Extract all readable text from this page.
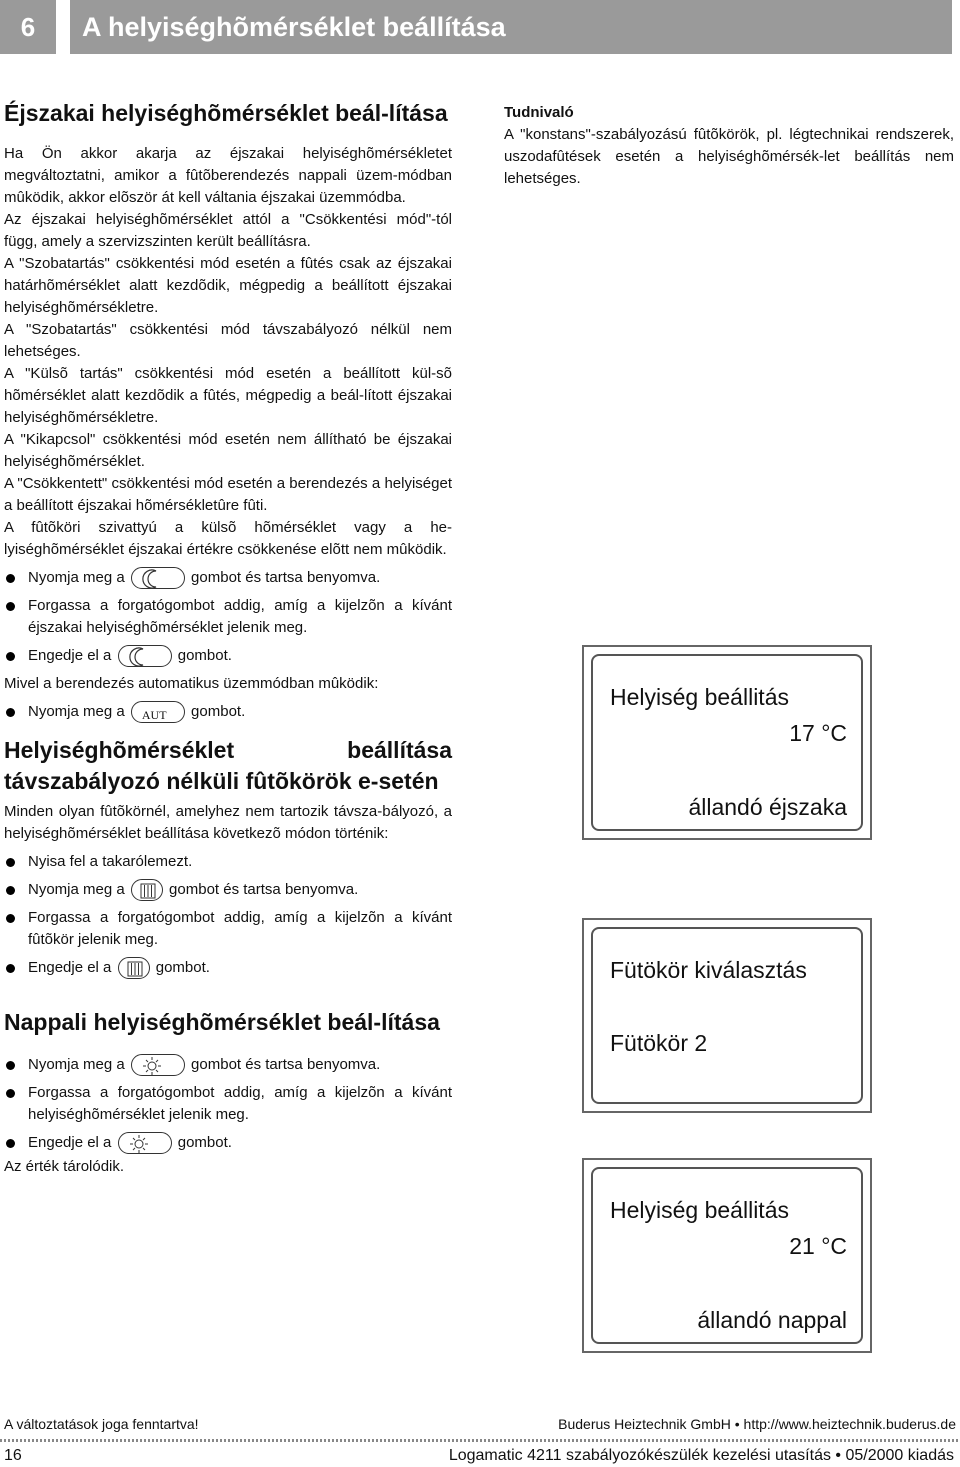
6	A helyiséghõmérséklet beállítása
Éjszakai helyiséghõmérséklet beál-lítása

Ha Ön akkor akarja az éjszakai helyiséghõmérsékletet megváltoztatni, amikor a fûtõberendezés nappali üzem-módban mûködik, akkor elõször át kell váltania éjszakai üzemmódba.

Az éjszakai helyiséghõmérséklet attól a "Csökkentési mód"-tól függ, amely a szervizszinten került beállításra.

A "Szobatartás" csökkentési mód esetén a fûtés csak az éjszakai határhõmérséklet alatt kezdõdik, mégpedig a beállított éjszakai helyiséghõmérsékletre.

A "Szobatartás" csökkentési mód távszabályozó nélkül nem lehetséges.

A "Külsõ tartás" csökkentési mód esetén a beállított kül-sõ hõmérséklet alatt kezdõdik a fûtés, mégpedig a beál-lított éjszakai helyiséghõmérsékletre.

A "Kikapcsol" csökkentési mód esetén nem állítható be éjszakai helyiséghõmérséklet.

A "Csökkentett" csökkentési mód esetén a berendezés a helyiséget a beállított éjszakai hõmérsékletûre fûti.

A fûtõköri szivattyú a külsõ hõmérséklet vagy a he-lyiséghõmérséklet éjszakai értékre csökkenése elõtt nem mûködik.

Nyomja meg a	gombot és tartsa benyomva.
Forgassa a forgatógombot addig, amíg a kijelzõn a kívánt éjszakai helyiséghõmérséklet jelenik meg.
Engedje el a	gombot.

Mivel a berendezés automatikus üzemmódban mûködik:

Nyomja meg a AUT gombot.
Helyiséghõmérséklet beállítása távszabályozó nélküli fûtõkörök e-setén

Minden olyan fûtõkörnél, amelyhez nem tartozik távsza-bályozó, a helyiséghõmérséklet beállítása következõ módon történik:

Nyisa fel a takarólemezt.
Nyomja meg a	gombot és tartsa benyomva.
Forgassa a forgatógombot addig, amíg a kijelzõn a kívánt fûtõkör jelenik meg.
Engedje el a	gombot.
Nappali helyiséghõmérséklet beál-lítása
Nyomja meg a	gombot és tartsa benyomva.
Forgassa a forgatógombot addig, amíg a kijelzõn a kívánt helyiséghõmérséklet jelenik meg.
Engedje el a	gombot.

Az érték tárolódik.

Tudnivaló

A "konstans"-szabályozású fûtõkörök, pl. légtechnikai rendszerek, uszodafûtések esetén a helyiséghõmérsék-let beállítás nem lehetséges.

Helyiség beállitás
17 °C
állandó éjszaka
Fütökör kiválasztás
Fütökör 2
Helyiség beállitás
21 °C
állandó nappal
A változtatások joga fenntartva!	Buderus Heiztechnik GmbH • http://www.heiztechnik.buderus.de
16	Logamatic 4211 szabályozókészülék kezelési utasítás • 05/2000 kiadás
